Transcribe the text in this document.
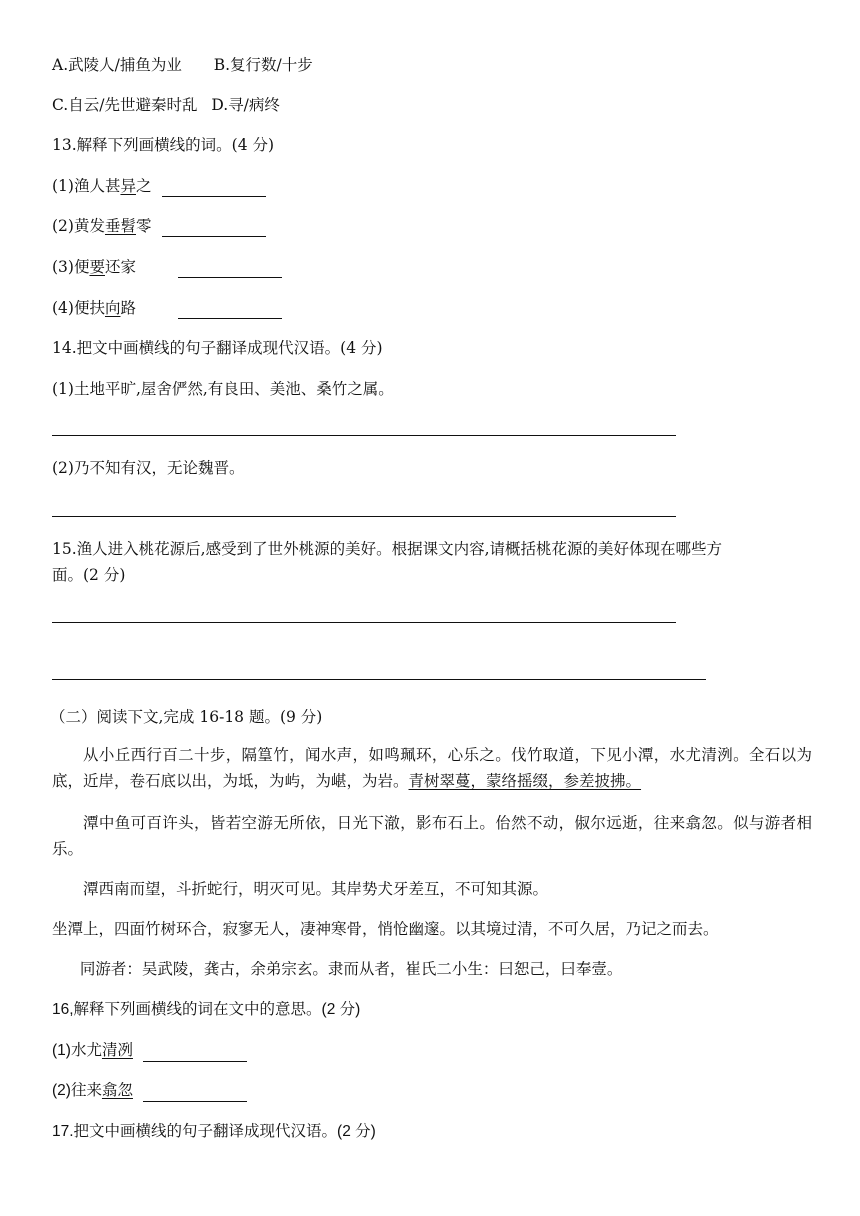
A.武陵人/捕鱼为业 B.复行数/十步
C.自云/先世避秦时乱 D.寻/病终
13.解释下列画横线的词。(4 分)
(1)渔人甚异之
(2)黄发垂髫零
(3)便要还家
(4)便扶向路
14.把文中画横线的句子翻译成现代汉语。(4 分)
(1)土地平旷,屋舍俨然,有良田、美池、桑竹之属。
(2)乃不知有汉，无论魏晋。
15.渔人进入桃花源后,感受到了世外桃源的美好。根据课文内容,请概括桃花源的美好体现在哪些方
面。(2 分)
（二）阅读下文,完成 16-18 题。(9 分)
从小丘西行百二十步，隔篁竹，闻水声，如鸣珮环，心乐之。伐竹取道，下见小潭，水尤清洌。全石以为底，近岸，卷石底以出，为坻，为屿，为嵁，为岩。青树翠蔓，蒙络摇缀，参差披拂。
潭中鱼可百许头，皆若空游无所依，日光下澈，影布石上。佁然不动，俶尔远逝，往来翕忽。似与游者相乐。
潭西南而望，斗折蛇行，明灭可见。其岸势犬牙差互，不可知其源。
坐潭上，四面竹树环合，寂寥无人，凄神寒骨，悄怆幽邃。以其境过清，不可久居，乃记之而去。
同游者：吴武陵，龚古，余弟宗玄。隶而从者，崔氏二小生：曰恕己，曰奉壹。
16,解释下列画横线的词在文中的意思。(2 分)
(1)水尤清冽
(2)往来翕忽
17.把文中画横线的句子翻译成现代汉语。(2 分)
